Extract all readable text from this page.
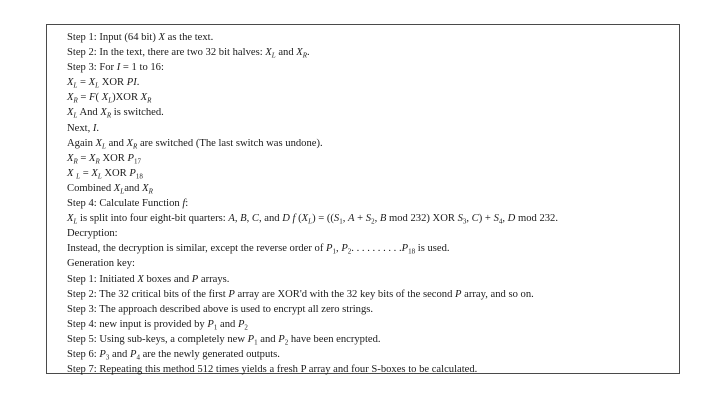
Step 1: Input (64 bit) X as the text.
Step 2: In the text, there are two 32 bit halves: $X_L$ and $X_R$.
Step 3: For I = 1 to 16:
$X_L = X_L$ XOR PI.
$X_R = F$( $X_L)XOR$ $X_R$
$X_L$ And $X_R$ is switched.
Next, I.
Again $X_L$ and $X_R$ are switched (The last switch was undone).
$X_R = X_R$ XOR $P_{17}$
X $_L = X_L$ XOR $P_{18}$
Combined $X_Land$ $X_R$
Step 4: Calculate Function f:
$X_L$ is split into four eight-bit quarters: A, B, C, and D f $(X_L) = ((S_1$, $A + S_2$, B mod 232) XOR $S_3$, $C) + S_4$, D mod 232.
Decryption:
Instead, the decryption is similar, except the reverse order of $P_1$, $P_2$. . . . . . . . . $.P_{18}$ is used.
Generation key:
Step 1: Initiated X boxes and P arrays.
Step 2: The 32 critical bits of the first P array are XOR'd with the 32 key bits of the second P array, and so on.
Step 3: The approach described above is used to encrypt all zero strings.
Step 4: new input is provided by $P_1$ and $P_2$
Step 5: Using sub-keys, a completely new $P_1$ and $P_2$ have been encrypted.
Step 6: $P_3$ and $P_4$ are the newly generated outputs.
Step 7: Repeating this method 512 times yields a fresh P array and four S-boxes to be calculated.
